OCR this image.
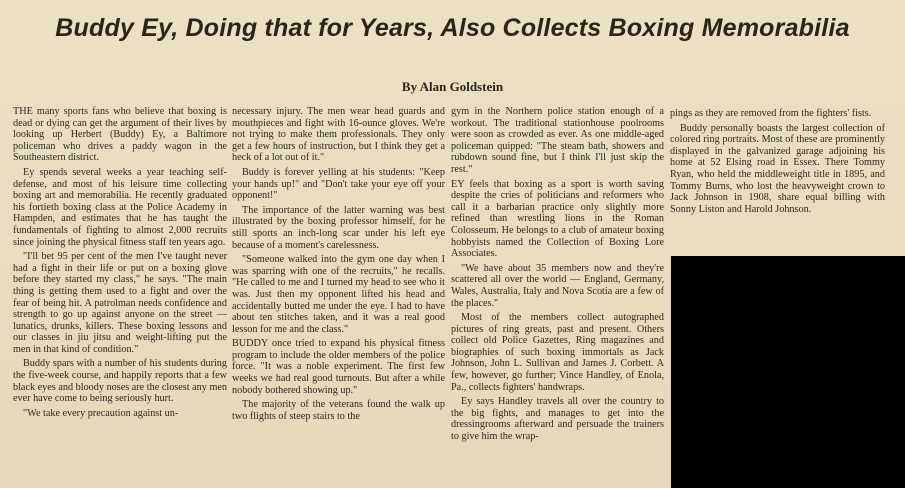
Buddy Ey, Doing that for Years, Also Collects Boxing Memorabilia
By Alan Goldstein

THE many sports fans who believe that boxing is dead or dying can get the argument of their lives by looking up Herbert (Buddy) Ey, a Baltimore policeman who drives a paddy wagon in the Southeastern district.

Ey spends several weeks a year teaching self-defense, and most of his leisure time collecting boxing art and memorabilia. He recently graduated his fortieth boxing class at the Police Academy in Hampden, and estimates that he has taught the fundamentals of fighting to almost 2,000 recruits since joining the physical fitness staff ten years ago.

"I'll bet 95 per cent of the men I've taught never had a fight in their life or put on a boxing glove before they started my class," he says. "The main thing is getting them used to a fight and over the fear of being hit. A patrolman needs confidence and strength to go up against anyone on the street — lunatics, drunks, killers. These boxing lessons and our classes in jiu jitsu and weight-lifting put the men in that kind of condition."

Buddy spars with a number of his students during the five-week course, and happily reports that a few black eyes and bloody noses are the closest any men ever have come to being seriously hurt.

"We take every precaution against un-

necessary injury. The men wear head guards and mouthpieces and fight with 16-ounce gloves. We're not trying to make them professionals. They only get a few hours of instruction, but I think they get a heck of a lot out of it."

Buddy is forever yelling at his students: "Keep your hands up!" and "Don't take your eye off your opponent!"

The importance of the latter warning was best illustrated by the boxing professor himself, for he still sports an inch-long scar under his left eye because of a moment's carelessness.

"Someone walked into the gym one day when I was sparring with one of the recruits," he recalls. "He called to me and I turned my head to see who it was. Just then my opponent lifted his head and accidentally butted me under the eye. I had to have about ten stitches taken, and it was a real good lesson for me and the class."

BUDDY once tried to expand his physical fitness program to include the older members of the police force. "It was a noble experiment. The first few weeks we had real good turnouts. But after a while nobody bothered showing up."

The majority of the veterans found the walk up two flights of steep stairs to the

gym in the Northern police station enough of a workout. The traditional stationhouse poolrooms were soon as crowded as ever. As one middle-aged policeman quipped: "The steam bath, showers and rubdown sound fine, but I think I'll just skip the rest."

EY feels that boxing as a sport is worth saving despite the cries of politicians and reformers who call it a barbarian practice only slightly more refined than wrestling lions in the Roman Colosseum. He belongs to a club of amateur boxing hobbyists named the Collection of Boxing Lore Associates.

"We have about 35 members now and they're scattered all over the world — England, Germany, Wales, Australia, Italy and Nova Scotia are a few of the places."

Most of the members collect autographed pictures of ring greats, past and present. Others collect old Police Gazettes, Ring magazines and biographies of such boxing immortals as Jack Johnson, John L. Sullivan and James J. Corbett. A few, however, go further; Vince Handley, of Enola, Pa., collects fighters' handwraps.

Ey says Handley travels all over the country to the big fights, and manages to get into the dressingrooms afterward and persuade the trainers to give him the wrap-

pings as they are removed from the fighters' fists.

Buddy personally boasts the largest collection of colored ring portraits. Most of these are prominently displayed in the galvanized garage adjoining his home at 52 Elsing road in Essex. There Tommy Ryan, who held the middleweight title in 1895, and Tommy Burns, who lost the heavyweight crown to Jack Johnson in 1908, share equal billing with Sonny Liston and Harold Johnson.
